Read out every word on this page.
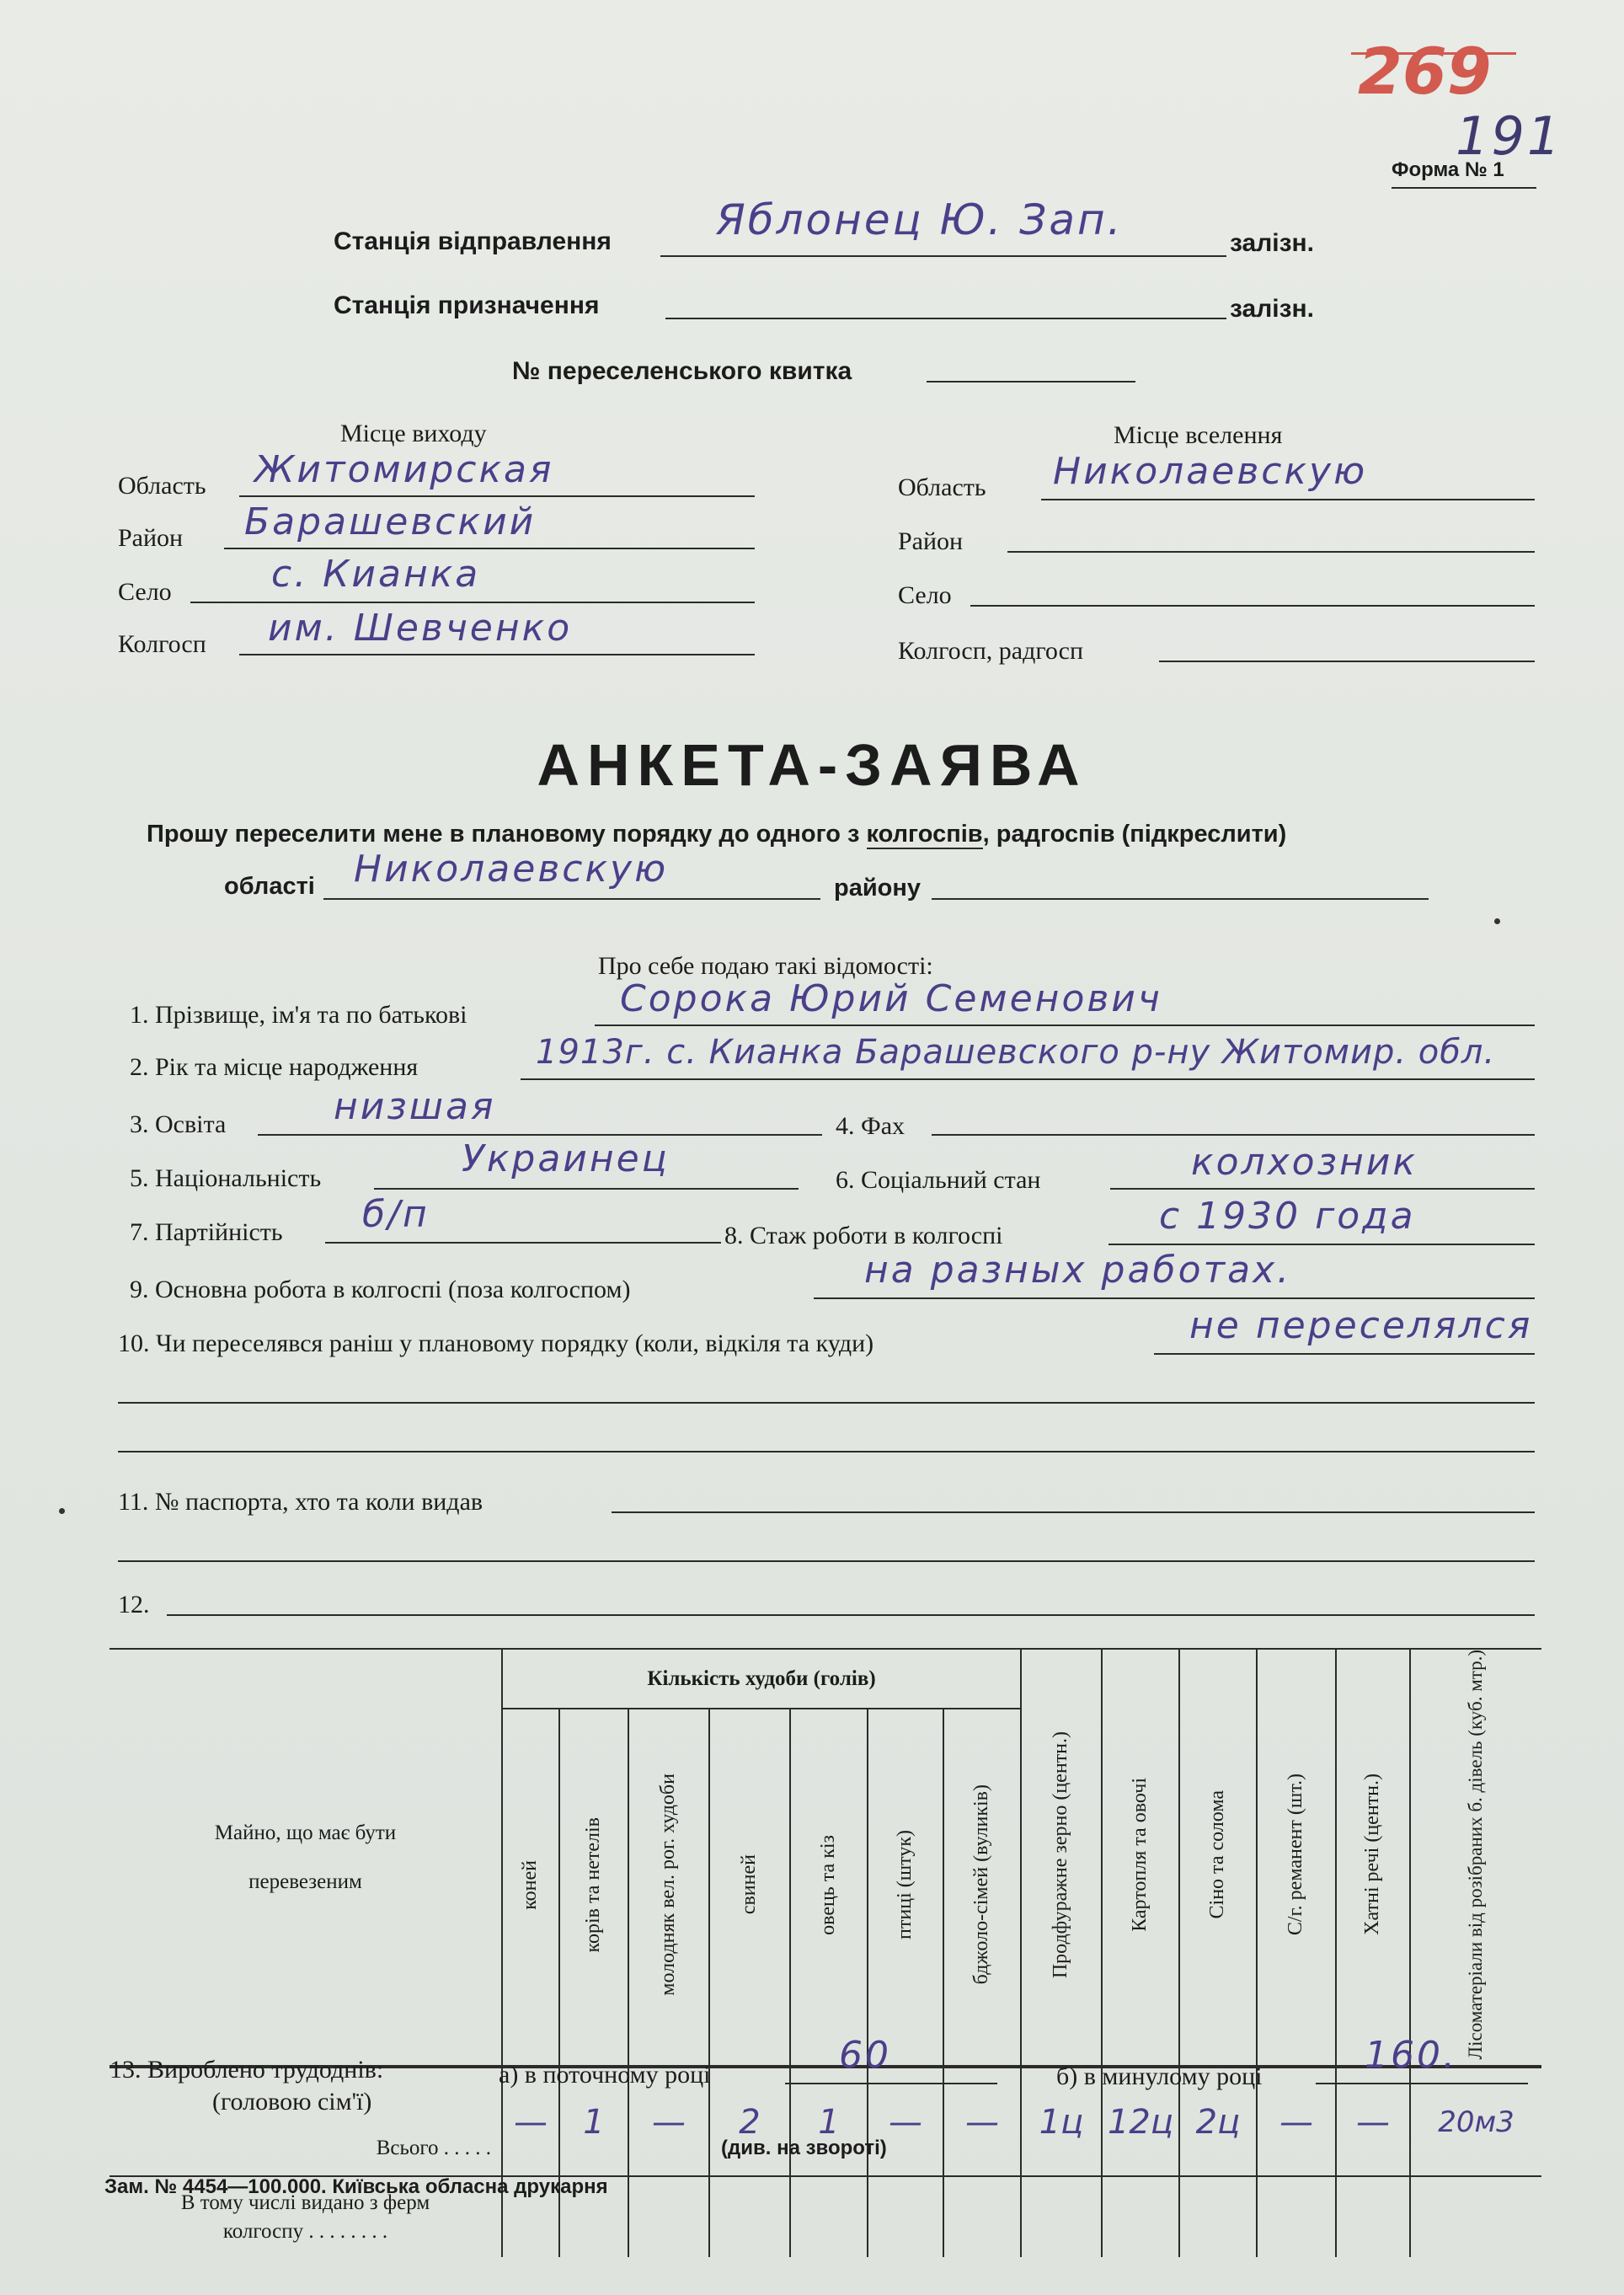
269
191
Форма № 1
Станція відправлення Яблонец Ю. Зап.	залізн.
Станція призначення	залізн.
№ переселенського квитка
Місце виходу
Область Житомирская
Район Барашевский
Село	с. Кианка
Колгосп им. Шевченко
Місце вселення
Область Николаевскую
Район
Село
Колгосп, радгосп
АНКЕТА-ЗАЯВА
Прошу переселити мене в плановому порядку до одного з колгоспів, радгоспів (підкреслити)
області Николаевскую	району
Про себе подаю такі відомості:
1. Прізвище, ім'я та по батькові	Сорока Юрий Семенович
2. Рік та місце народження	1913г. с. Кианка Барашевского р-ну Житомир. обл.
3. Освіта	низшая	4. Фах
5. Національність	Украинец	6. Соціальний стан	колхозник
7. Партійність б/п	8. Стаж роботи в колгоспі	с 1930 года
9. Основна робота в колгоспі (поза колгоспом)	на разных работах.
10. Чи переселявся раніш у плановому порядку (коли, відкіля та куди)	не переселялся
11. № паспорта, хто та коли видав
12.
Майно, що має бути
перевезеним	Кількість худоби (голів)							Продфуражне зерно (центн.)	Картопля та овочі	Сіно та солома	С/г. реманент (шт.)	Хатні речі (центн.)	Лісоматеріали від розібраних б. дівель (куб. мтр.)
	коней	корів та нетелів	молодняк вел. рог. худоби	свиней	овець та кіз	птиці (штук)	бджоло-сімей (вуликів)						
Всього . . . . .	—	1	—	2	1	—	—	1ц	12ц	2ц	—	—	20м3

В тому числі видано з ферм
колгоспу . . . . . . . .													

13. Вироблено трудоднів:
(головою сім'ї)
а) в поточному році	60	б) в минулому році	160.
(див. на звороті)
Зам. № 4454—100.000. Київська обласна друкарня
